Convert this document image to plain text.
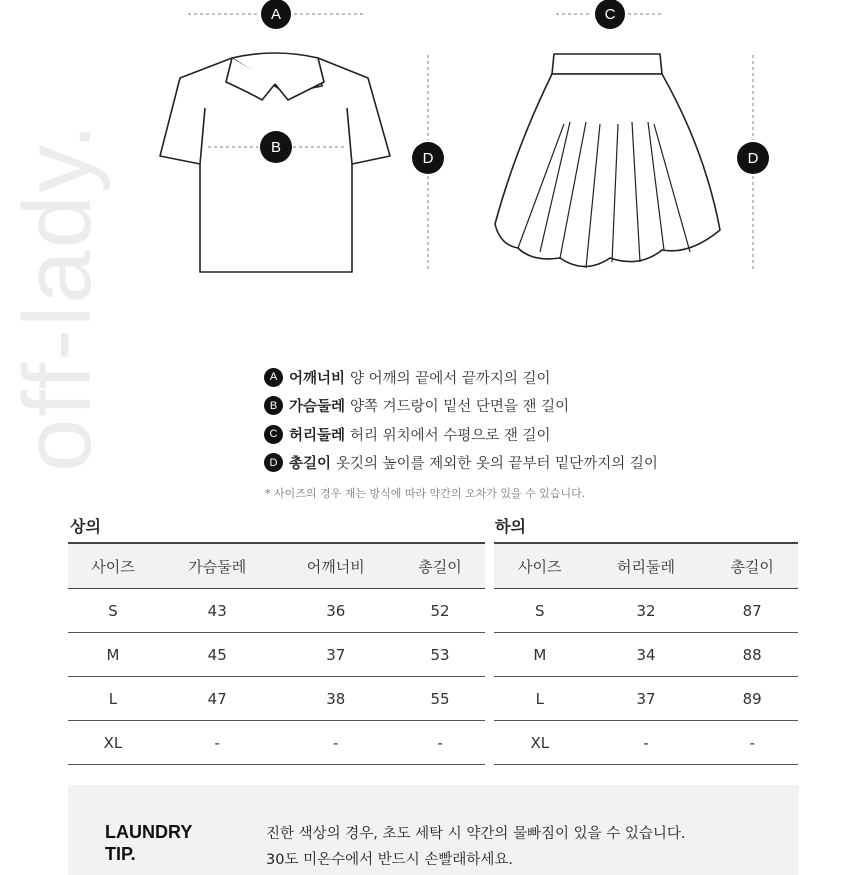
off-lady.
A
B
C
D	D
A 어깨너비 양 어깨의 끝에서 끝까지의 길이
B 가슴둘레 양쪽 겨드랑이 밑선 단면을 잰 길이
C 허리둘레 허리 위치에서 수평으로 잰 길이
D 총길이 옷깃의 높이를 제외한 옷의 끝부터 밑단까지의 길이
* 사이즈의 경우 재는 방식에 따라 약간의 오차가 있을 수 있습니다.
상의
사이즈	가슴둘레	어깨너비	총길이
S	43	36	52
M	45	37	53
L	47	38	55
XL	-	-	-
하의
사이즈	허리둘레	총길이
S	32	87
M	34	88
L	37	89
XL	-	-
LAUNDRY TIP.
진한 색상의 경우, 초도 세탁 시 약간의 물빠짐이 있을 수 있습니다.
30도 미온수에서 반드시 손빨래하세요.
